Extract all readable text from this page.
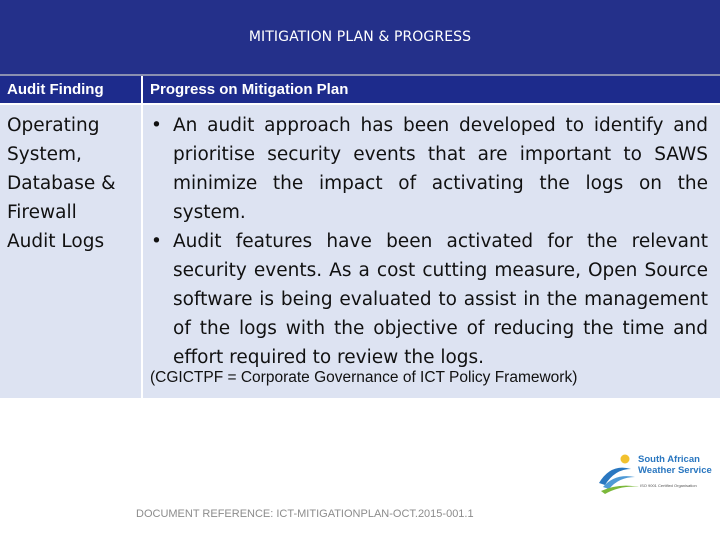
MITIGATION PLAN & PROGRESS
Audit Finding	Progress on Mitigation Plan
Operating
System,
Database &
Firewall
Audit Logs
• An audit approach has been developed to identify and prioritise security events that are important to SAWS minimize the impact of activating the logs on the system.
• Audit features have been activated for the relevant security events. As a cost cutting measure, Open Source software is being evaluated to assist in the management of the logs with the objective of reducing the time and effort required to review the logs.
(CGICTPF = Corporate Governance of ICT Policy Framework)
South African
Weather Service
ISO 9001 Certified Organisation
DOCUMENT REFERENCE: ICT-MITIGATIONPLAN-OCT.2015-001.1
